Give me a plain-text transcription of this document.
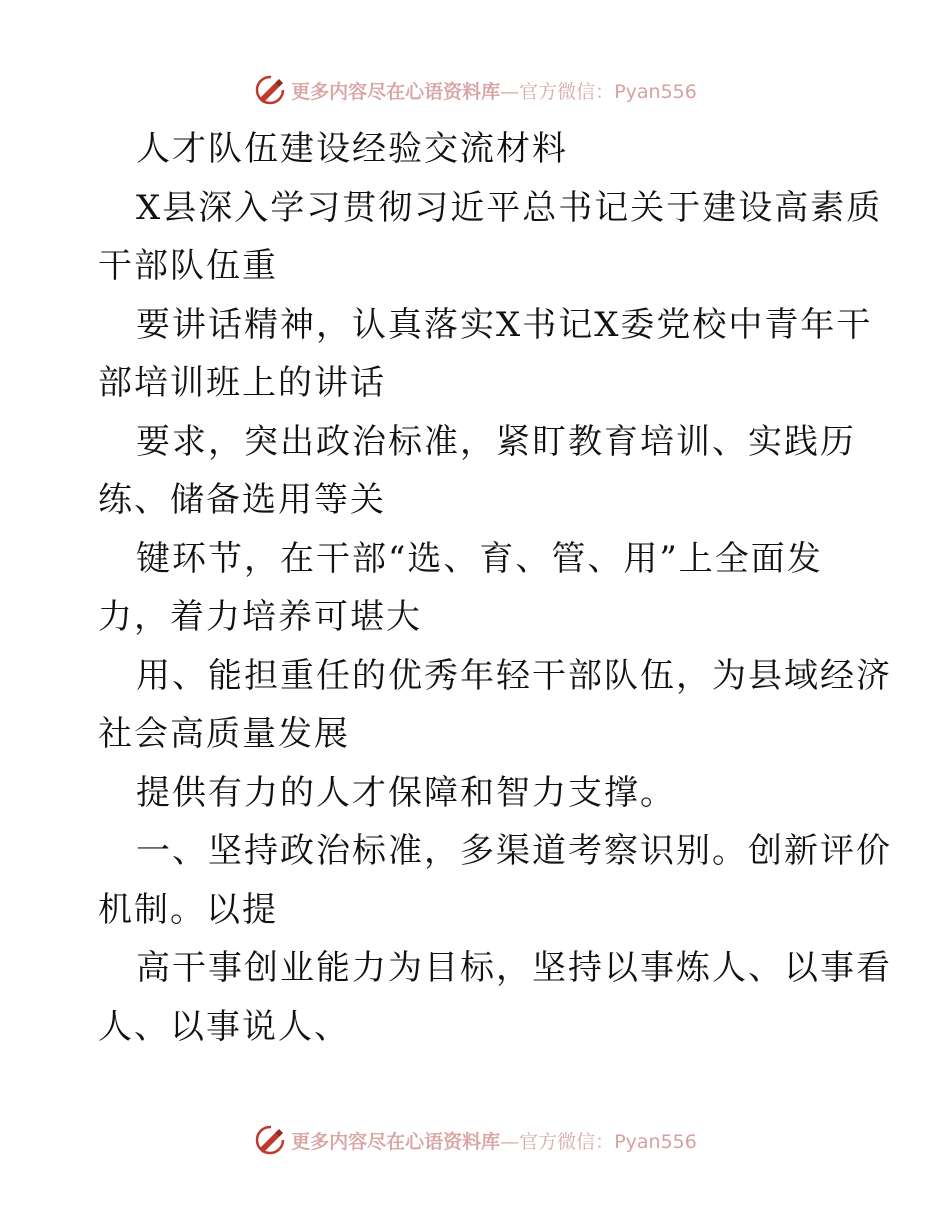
更多内容尽在心语资料库—官方微信：Pyan556
人才队伍建设经验交流材料
X县深入学习贯彻习近平总书记关于建设高素质
干部队伍重
要讲话精神，认真落实X书记X委党校中青年干
部培训班上的讲话
要求，突出政治标准，紧盯教育培训、实践历
练、储备选用等关
键环节，在干部“选、育、管、用”上全面发
力，着力培养可堪大
用、能担重任的优秀年轻干部队伍，为县域经济
社会高质量发展
提供有力的人才保障和智力支撑。
一、坚持政治标准，多渠道考察识别。创新评价
机制。以提
高干事创业能力为目标，坚持以事炼人、以事看
人、以事说人、
更多内容尽在心语资料库—官方微信：Pyan556
